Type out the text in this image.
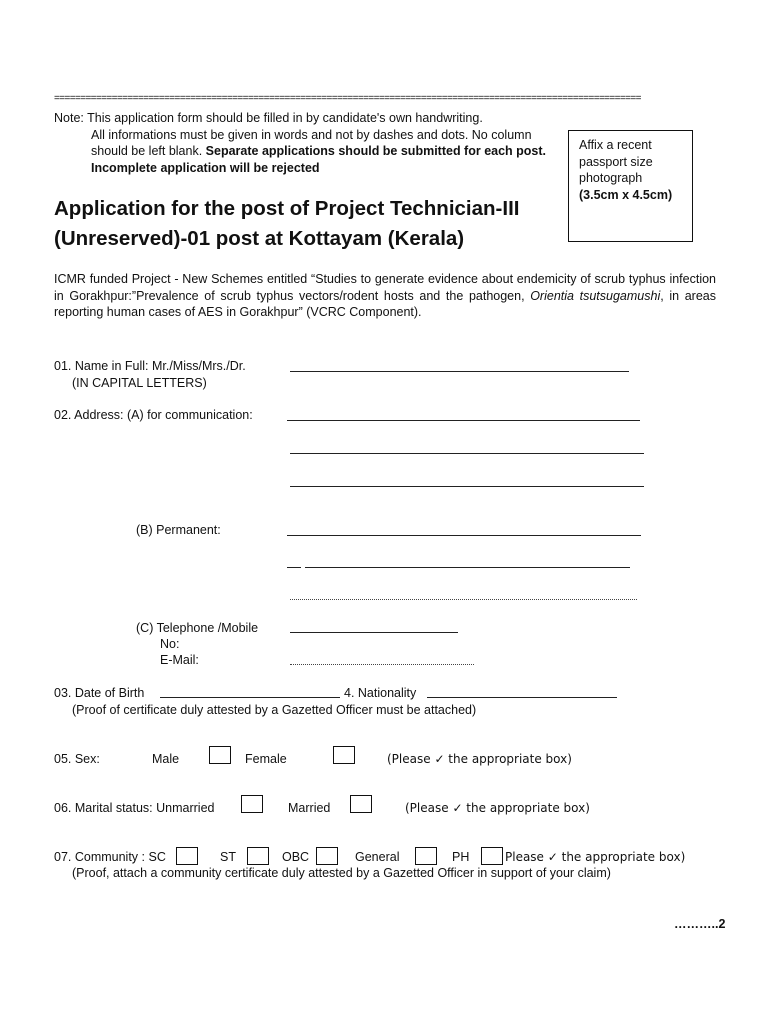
================================================================================================================

Note: This application form should be filled in by candidate's own handwriting.

All informations must be given in words and not by dashes and dots. No column

should be left blank. Separate applications should be submitted for each post.

Incomplete application will be rejected

Affix a recent
passport size
photograph
(3.5cm x 4.5cm)
Application for the post of Project Technician-III
(Unreserved)-01 post at Kottayam (Kerala)
ICMR funded Project - New Schemes entitled “Studies to generate evidence about endemicity of scrub typhus infection in Gorakhpur:”Prevalence of scrub typhus vectors/rodent hosts and the pathogen, Orientia tsutsugamushi, in areas reporting human cases of AES in Gorakhpur” (VCRC Component).
01. Name in Full: Mr./Miss/Mrs./Dr.
(IN CAPITAL LETTERS)
02. Address: (A) for communication:
(B) Permanent:
(C) Telephone /Mobile
No:
E-Mail:
03. Date of Birth	4. Nationality
(Proof of certificate duly attested by a Gazetted Officer must be attached)
05. Sex:	Male	Female	(Please ✓ the appropriate box)
06. Marital status: Unmarried	Married	(Please ✓ the appropriate box)
07. Community : SC	ST	OBC	General	PH	Please ✓ the appropriate box)
(Proof, attach a community certificate duly attested by a Gazetted Officer in support of your claim)
………..2
